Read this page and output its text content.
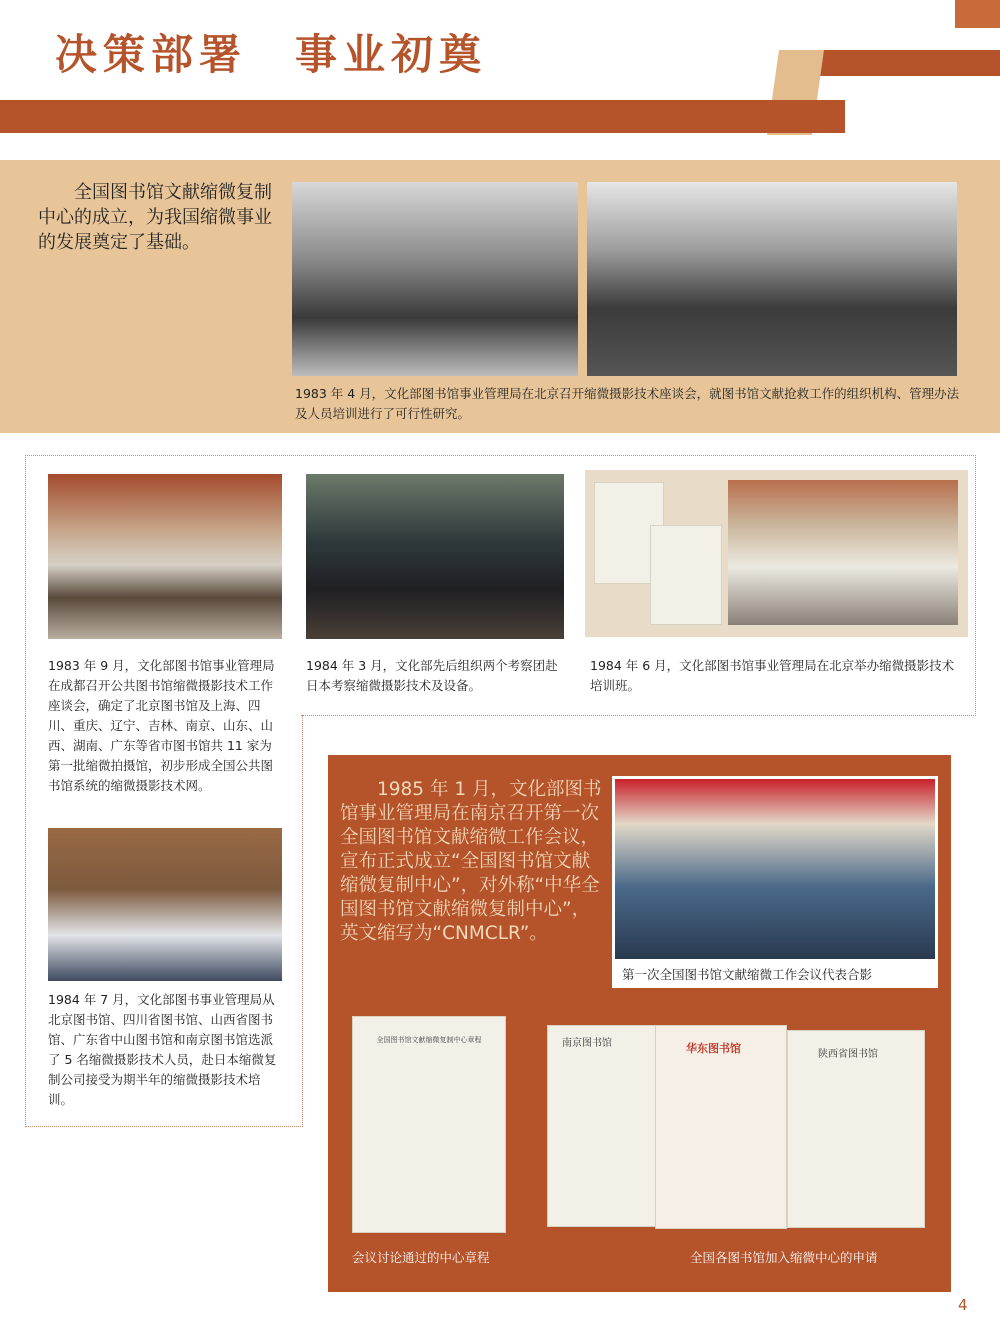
决策部署　事业初奠
全国图书馆文献缩微复制中心的成立，为我国缩微事业的发展奠定了基础。
1983 年 4 月，文化部图书馆事业管理局在北京召开缩微摄影技术座谈会，就图书馆文献抢救工作的组织机构、管理办法及人员培训进行了可行性研究。
1983 年 9 月，文化部图书馆事业管理局在成都召开公共图书馆缩微摄影技术工作座谈会，确定了北京图书馆及上海、四川、重庆、辽宁、吉林、南京、山东、山西、湖南、广东等省市图书馆共 11 家为第一批缩微拍摄馆，初步形成全国公共图书馆系统的缩微摄影技术网。
1984 年 3 月，文化部先后组织两个考察团赴日本考察缩微摄影技术及设备。
1984 年 6 月，文化部图书馆事业管理局在北京举办缩微摄影技术培训班。
1984 年 7 月，文化部图书事业管理局从北京图书馆、四川省图书馆、山西省图书馆、广东省中山图书馆和南京图书馆选派了 5 名缩微摄影技术人员，赴日本缩微复制公司接受为期半年的缩微摄影技术培训。
1985 年 1 月，文化部图书馆事业管理局在南京召开第一次全国图书馆文献缩微工作会议，宣布正式成立“全国图书馆文献缩微复制中心”，对外称“中华全国图书馆文献缩微复制中心”，英文缩写为“CNMCLR”。
第一次全国图书馆文献缩微工作会议代表合影
全国图书馆文献缩微复制中心章程	南京图书馆	华东图书馆	陕西省图书馆
会议讨论通过的中心章程	全国各图书馆加入缩微中心的申请
4
